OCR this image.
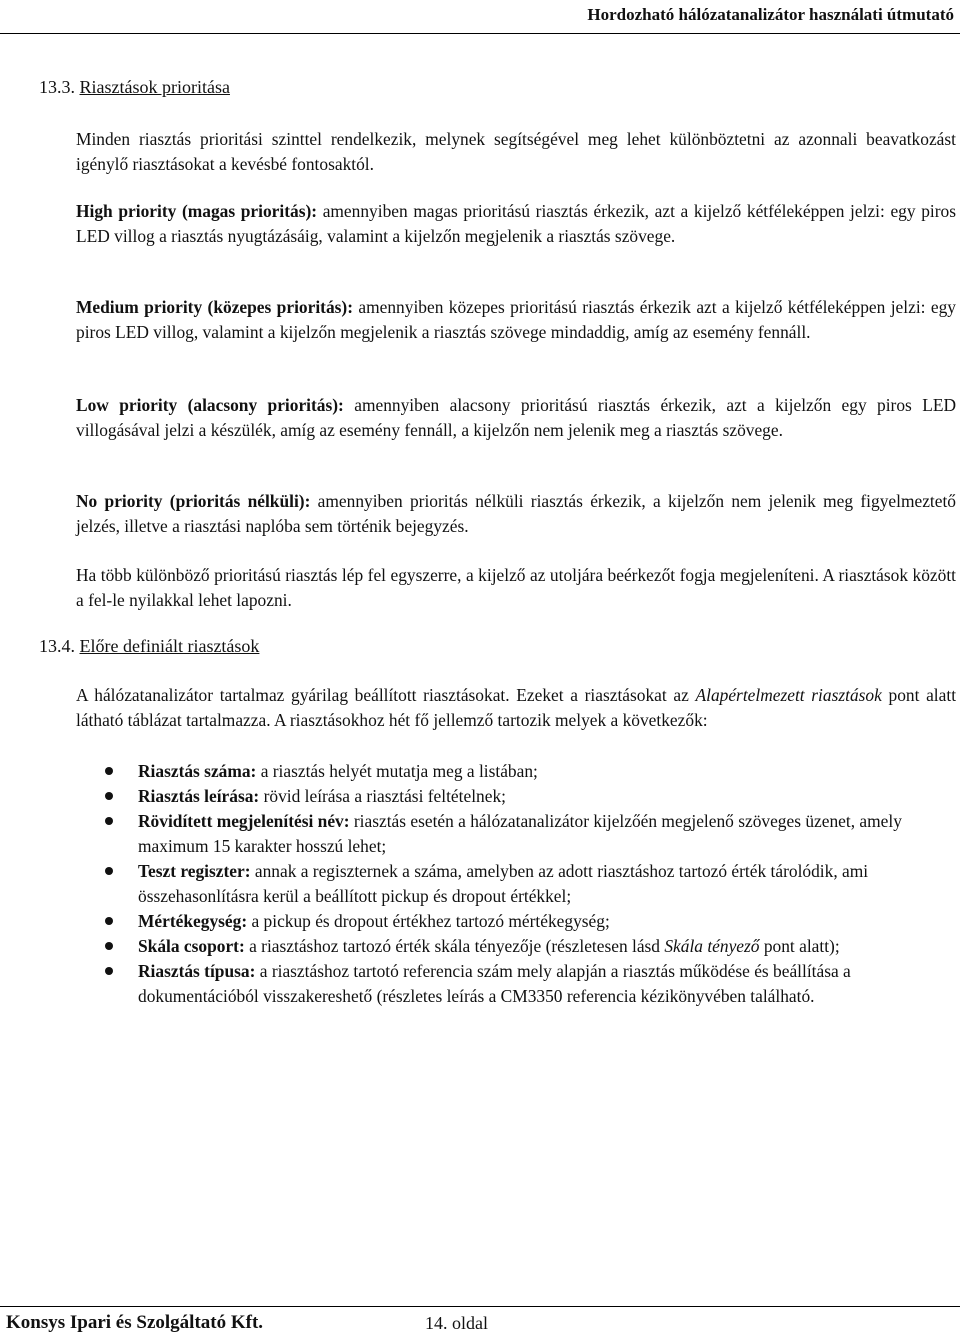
Hordozható hálózatanalizátor használati útmutató
13.3. Riasztások prioritása

Minden riasztás prioritási szinttel rendelkezik, melynek segítségével meg lehet különböztetni az azonnali beavatkozást igénylő riasztásokat a kevésbé fontosaktól.

High priority (magas prioritás): amennyiben magas prioritású riasztás érkezik, azt a kijelző kétféleképpen jelzi: egy piros LED villog a riasztás nyugtázásáig, valamint a kijelzőn megjelenik a riasztás szövege.

Medium priority (közepes prioritás): amennyiben közepes prioritású riasztás érkezik azt a kijelző kétféleképpen jelzi: egy piros LED villog, valamint a kijelzőn megjelenik a riasztás szövege mindaddig, amíg az esemény fennáll.

Low priority (alacsony prioritás): amennyiben alacsony prioritású riasztás érkezik, azt a kijelzőn egy piros LED villogásával jelzi a készülék, amíg az esemény fennáll, a kijelzőn nem jelenik meg a riasztás szövege.

No priority (prioritás nélküli): amennyiben prioritás nélküli riasztás érkezik, a kijelzőn nem jelenik meg figyelmeztető jelzés, illetve a riasztási naplóba sem történik bejegyzés.

Ha több különböző prioritású riasztás lép fel egyszerre, a kijelző az utoljára beérkezőt fogja megjeleníteni. A riasztások között a fel-le nyilakkal lehet lapozni.

13.4. Előre definiált riasztások

A hálózatanalizátor tartalmaz gyárilag beállított riasztásokat. Ezeket a riasztásokat az Alapértelmezett riasztások pont alatt látható táblázat tartalmazza. A riasztásokhoz hét fő jellemző tartozik melyek a következők:

Riasztás száma: a riasztás helyét mutatja meg a listában;
Riasztás leírása: rövid leírása a riasztási feltételnek;
Rövidített megjelenítési név: riasztás esetén a hálózatanalizátor kijelzőén megjelenő szöveges üzenet, amely maximum 15 karakter hosszú lehet;
Teszt regiszter: annak a regiszternek a száma, amelyben az adott riasztáshoz tartozó érték tárolódik, ami összehasonlításra kerül a beállított pickup és dropout értékkel;
Mértékegység: a pickup és dropout értékhez tartozó mértékegység;
Skála csoport: a riasztáshoz tartozó érték skála tényezője (részletesen lásd Skála tényező pont alatt);
Riasztás típusa: a riasztáshoz tartotó referencia szám mely alapján a riasztás működése és beállítása a dokumentációból visszakereshető (részletes leírás a CM3350 referencia kézikönyvében található.
Konsys Ipari és Szolgáltató Kft.	14. oldal
